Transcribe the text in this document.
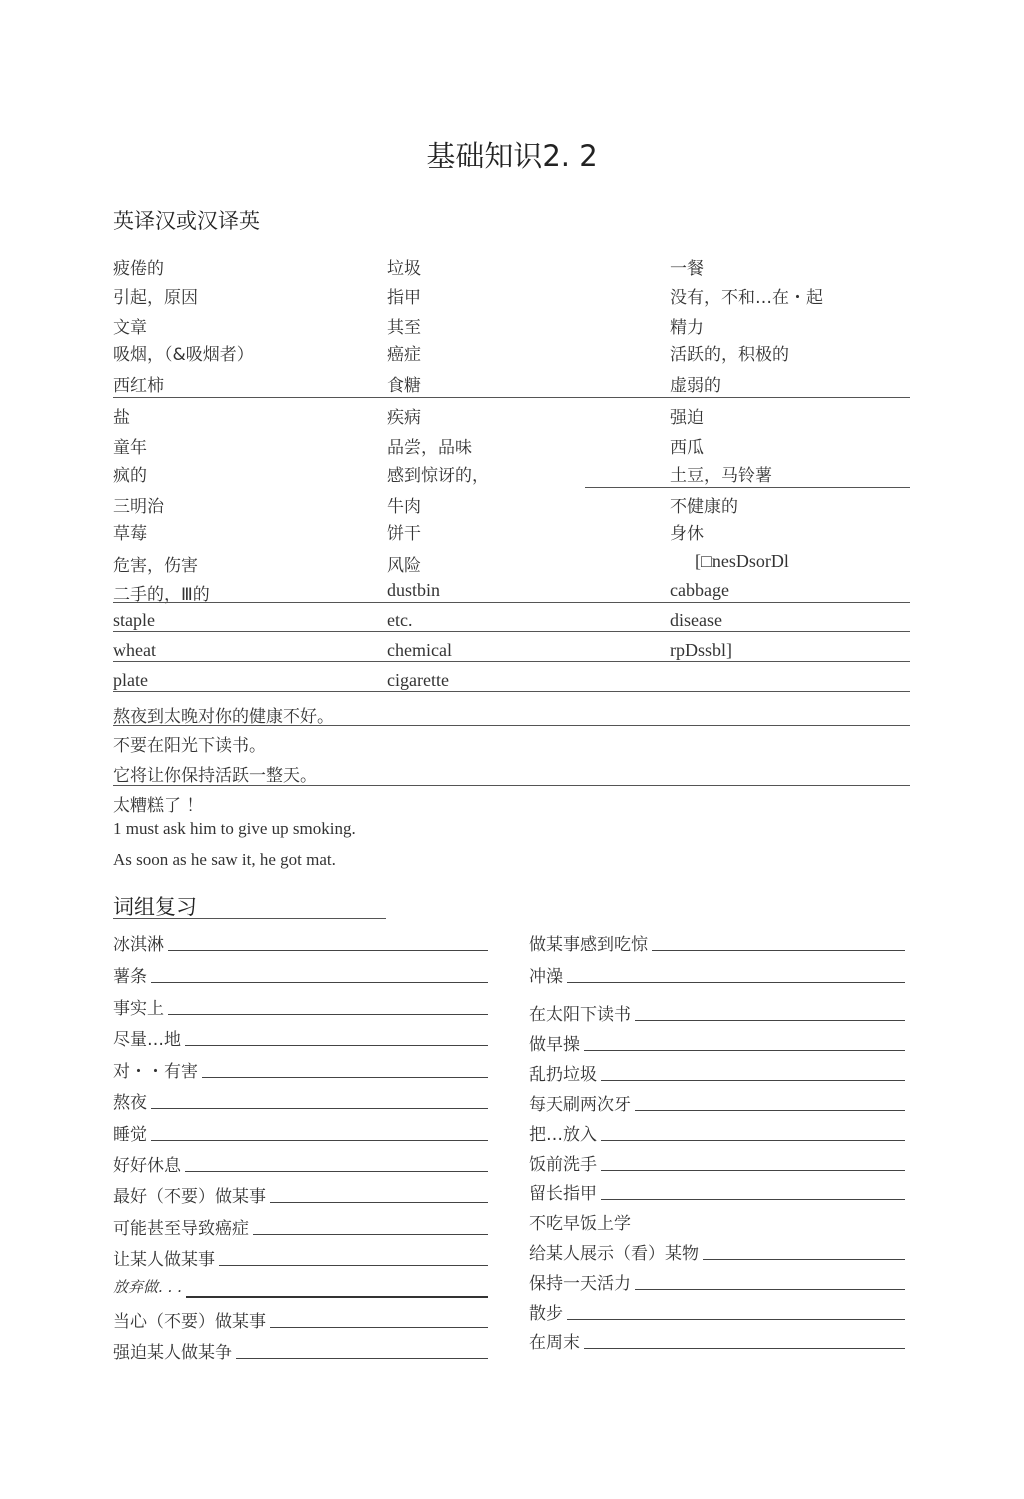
基础知识2. 2
英译汉或汉译英
疲倦的	垃圾	一餐
引起，原因	指甲	没有，不和…在・起
文章	其至	精力
吸烟，（&吸烟者）	癌症	活跃的，积极的
西红柿	食糖	虚弱的
盐	疾病	强迫
童年	品尝，品味	西瓜
疯的	感到惊讶的，	土豆，马铃薯
三明治	牛肉	不健康的
草莓	饼干	身休
危害，伤害	风险	[□nesDsorDl
二手的，Ⅲ的	dustbin	cabbage
staple	etc.	disease
wheat	chemical	rpDssbl]
plate	cigarette
熬夜到太晚对你的健康不好。
不要在阳光下读书。
它将让你保持活跃一整天。
太糟糕了 ！
1 must ask him to give up smoking.
As soon as he saw it, he got mat.
词组复习
冰淇淋
薯条
事实上
尽量…地
对・・有害
熬夜
睡觉
好好休息
最好（不要）做某事
可能甚至导致癌症
让某人做某事
放弃做. . .
当心（不要）做某事
强迫某人做某争
做某事感到吃惊
冲澡
在太阳下读书
做早操
乱扔垃圾
每天刷两次牙
把…放入
饭前洗手
留长指甲
不吃早饭上学
给某人展示（看）某物
保持一天活力
散步
在周末
